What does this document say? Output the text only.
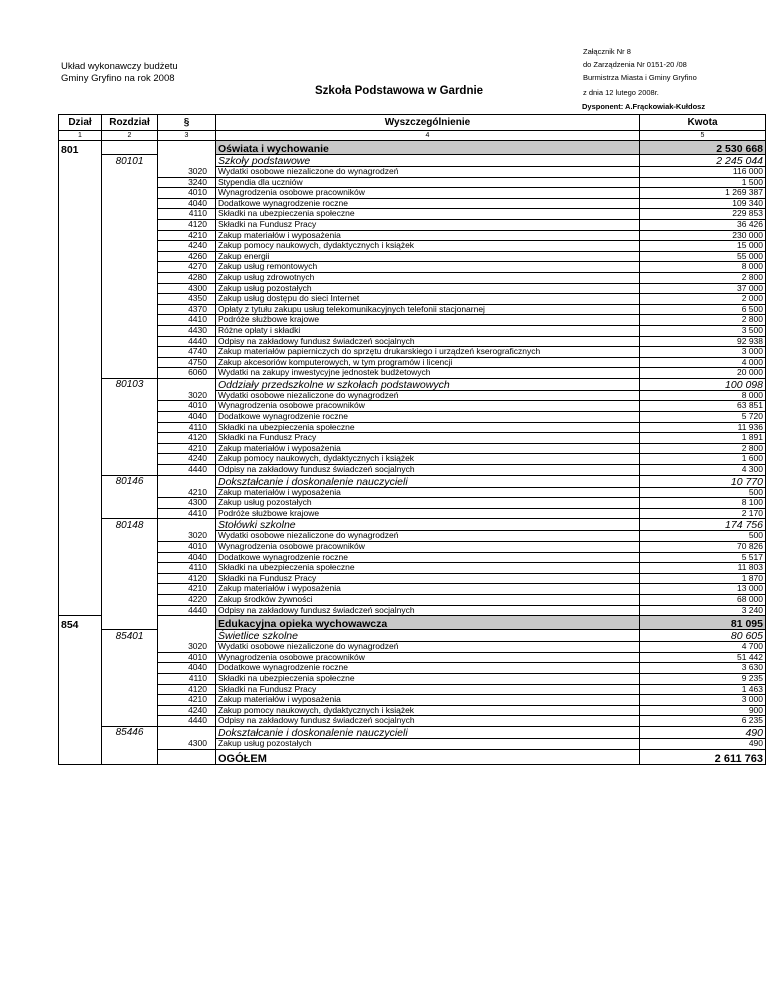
Układ wykonawczy budżetu
Gminy Gryfino na rok 2008
Załącznik Nr 8
do Zarządzenia Nr 0151-20 /08
Burmistrza Miasta i Gminy Gryfino
z dnia 12 lutego 2008r.
Szkoła Podstawowa w Gardnie
Dysponent: A.Frąckowiak-Kułdosz
Dział	Rozdział	§	Wyszczególnienie	Kwota
1	2	3	4	5
801			Oświata i wychowanie	2 530 668
	80101		Szkoły podstawowe	2 245 044
		3020	Wydatki osobowe niezaliczone do wynagrodzeń	116 000
		3240	Stypendia dla uczniów	1 500
		4010	Wynagrodzenia osobowe pracowników	1 269 387
		4040	Dodatkowe wynagrodzenie roczne	109 340
		4110	Składki na ubezpieczenia społeczne	229 853
		4120	Składki na Fundusz Pracy	36 426
		4210	Zakup materiałów i wyposażenia	230 000
		4240	Zakup pomocy naukowych, dydaktycznych i książek	15 000
		4260	Zakup energii	55 000
		4270	Zakup usług remontowych	8 000
		4280	Zakup usług zdrowotnych	2 800
		4300	Zakup usług pozostałych	37 000
		4350	Zakup usług dostępu do sieci Internet	2 000
		4370	Opłaty z tytułu zakupu usług telekomunikacyjnych telefonii stacjonarnej	6 500
		4410	Podróże służbowe krajowe	2 800
		4430	Różne opłaty i składki	3 500
		4440	Odpisy na zakładowy fundusz świadczeń socjalnych	92 938
		4740	Zakup materiałów papierniczych do sprzętu drukarskiego i urządzeń kserograficznych	3 000
		4750	Zakup akcesoriów komputerowych, w tym programów i licencji	4 000
		6060	Wydatki na zakupy inwestycyjne jednostek budżetowych	20 000
	80103		Oddziały przedszkolne w szkołach podstawowych	100 098
		3020	Wydatki osobowe niezaliczone do wynagrodzeń	8 000
		4010	Wynagrodzenia osobowe pracowników	63 851
		4040	Dodatkowe wynagrodzenie roczne	5 720
		4110	Składki na ubezpieczenia społeczne	11 936
		4120	Składki na Fundusz Pracy	1 891
		4210	Zakup materiałów i wyposażenia	2 800
		4240	Zakup pomocy naukowych, dydaktycznych i książek	1 600
		4440	Odpisy na zakładowy fundusz świadczeń socjalnych	4 300
	80146		Dokształcanie i doskonalenie nauczycieli	10 770
		4210	Zakup materiałów i wyposażenia	500
		4300	Zakup usług pozostałych	8 100
		4410	Podróże służbowe krajowe	2 170
	80148		Stołówki szkolne	174 756
		3020	Wydatki osobowe niezaliczone do wynagrodzeń	500
		4010	Wynagrodzenia osobowe pracowników	70 826
		4040	Dodatkowe wynagrodzenie roczne	5 517
		4110	Składki na ubezpieczenia społeczne	11 803
		4120	Składki na Fundusz Pracy	1 870
		4210	Zakup materiałów i wyposażenia	13 000
		4220	Zakup środków żywności	68 000
		4440	Odpisy na zakładowy fundusz świadczeń socjalnych	3 240
854			Edukacyjna opieka wychowawcza	81 095
	85401		Świetlice szkolne	80 605
		3020	Wydatki osobowe niezaliczone do wynagrodzeń	4 700
		4010	Wynagrodzenia osobowe pracowników	51 442
		4040	Dodatkowe wynagrodzenie roczne	3 630
		4110	Składki na ubezpieczenia społeczne	9 235
		4120	Składki na Fundusz Pracy	1 463
		4210	Zakup materiałów i wyposażenia	3 000
		4240	Zakup pomocy naukowych, dydaktycznych i książek	900
		4440	Odpisy na zakładowy fundusz świadczeń socjalnych	6 235
	85446		Dokształcanie i doskonalenie nauczycieli	490
		4300	Zakup usług pozostałych	490
			OGÓŁEM	2 611 763
